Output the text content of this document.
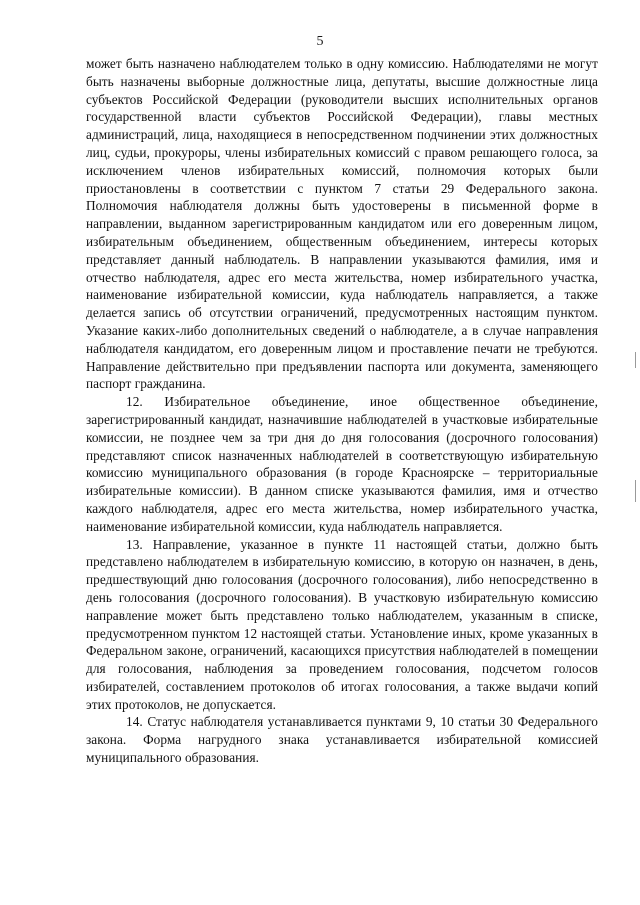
5

может быть назначено наблюдателем только в одну комиссию. Наблюдателями не могут быть назначены выборные должностные лица, депутаты, высшие должностные лица субъектов Российской Федерации (руководители высших исполнительных органов государственной власти субъектов Российской Федерации), главы местных администраций, лица, находящиеся в непосредственном подчинении этих должностных лиц, судьи, прокуроры, члены избирательных комиссий с правом решающего голоса, за исключением членов избирательных комиссий, полномочия которых были приостановлены в соответствии с пунктом 7 статьи 29 Федерального закона. Полномочия наблюдателя должны быть удостоверены в письменной форме в направлении, выданном зарегистрированным кандидатом или его доверенным лицом, избирательным объединением, общественным объединением, интересы которых представляет данный наблюдатель. В направлении указываются фамилия, имя и отчество наблюдателя, адрес его места жительства, номер избирательного участка, наименование избирательной комиссии, куда наблюдатель направляется, а также делается запись об отсутствии ограничений, предусмотренных настоящим пунктом. Указание каких-либо дополнительных сведений о наблюдателе, а в случае направления наблюдателя кандидатом, его доверенным лицом и проставление печати не требуются. Направление действительно при предъявлении паспорта или документа, заменяющего паспорт гражданина.

12. Избирательное объединение, иное общественное объединение, зарегистрированный кандидат, назначившие наблюдателей в участковые избирательные комиссии, не позднее чем за три дня до дня голосования (досрочного голосования) представляют список назначенных наблюдателей в соответствующую избирательную комиссию муниципального образования (в городе Красноярске – территориальные избирательные комиссии). В данном списке указываются фамилия, имя и отчество каждого наблюдателя, адрес его места жительства, номер избирательного участка, наименование избирательной комиссии, куда наблюдатель направляется.

13. Направление, указанное в пункте 11 настоящей статьи, должно быть представлено наблюдателем в избирательную комиссию, в которую он назначен, в день, предшествующий дню голосования (досрочного голосования), либо непосредственно в день голосования (досрочного голосования). В участковую избирательную комиссию направление может быть представлено только наблюдателем, указанным в списке, предусмотренном пунктом 12 настоящей статьи. Установление иных, кроме указанных в Федеральном законе, ограничений, касающихся присутствия наблюдателей в помещении для голосования, наблюдения за проведением голосования, подсчетом голосов избирателей, составлением протоколов об итогах голосования, а также выдачи копий этих протоколов, не допускается.

14. Статус наблюдателя устанавливается пунктами 9, 10 статьи 30 Федерального закона. Форма нагрудного знака устанавливается избирательной комиссией муниципального образования.
